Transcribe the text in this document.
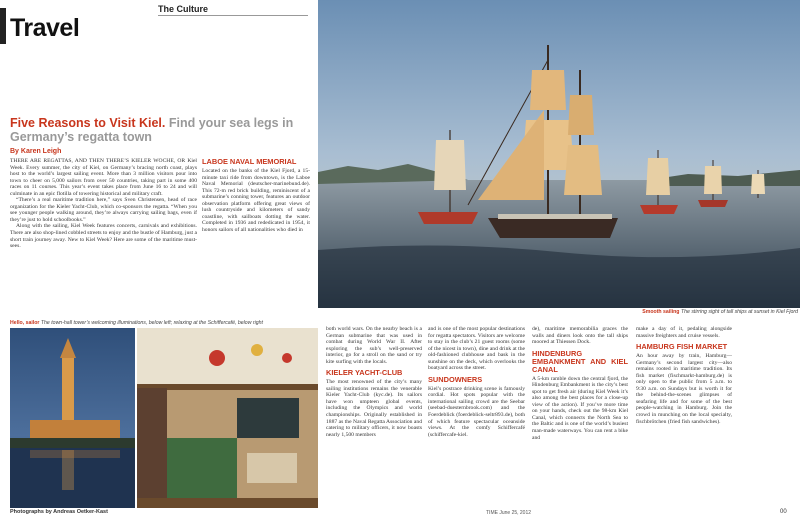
The Culture
Travel
Five Reasons to Visit Kiel. Find your sea legs in Germany’s regatta town
By Karen Leigh

THERE ARE REGATTAS, AND THEN THERE’S KIELER WOCHE, OR Kiel Week. Every summer, the city of Kiel, on Germany’s bracing north coast, plays host to the world’s largest sailing event. More than 3 million visitors pour into town to cheer on 5,000 sailors from over 50 countries, taking part in some 400 races on 11 courses. This year’s event takes place from June 16 to 24 and will culminate in an epic flotilla of towering historical and military craft.

“There’s a real maritime tradition here,” says Sven Christensen, head of race organization for the Kieler Yacht-Club, which co-sponsors the regatta. “When you see younger people walking around, they’re always carrying sailing bags, even if they’re just to hold schoolbooks.”

Along with the sailing, Kiel Week features concerts, carnivals and exhibitions. There are also shop-lined cobbled streets to enjoy and the bustle of Hamburg, just a short train journey away. New to Kiel Week? Here are some of the maritime must-sees.

LABOE NAVAL MEMORIAL

Located on the banks of the Kiel Fjord, a 15-minute taxi ride from downtown, is the Laboe Naval Memorial (deutscher-marinebund.de). This 72-m red brick building, reminiscent of a submarine’s conning tower, features an outdoor observation platform offering great views of lush countryside and kilometers of sandy coastline, with sailboats dotting the water. Completed in 1936 and rededicated in 1954, it honors sailors of all nationalities who died in

Smooth sailing The stirring sight of tall ships at sunset in Kiel Fjord
Hello, sailor The town-hall tower’s welcoming illuminations, below left; relaxing at the Schiffercafé, below right

both world wars. On the nearby beach is a German submarine that was used in combat during World War II. After exploring the sub’s well-preserved interior, go for a stroll on the sand or try kite surfing with the locals.

KIELER YACHT-CLUB

The most renowned of the city’s many sailing institutions remains the venerable Kieler Yacht-Club (kyc.de). Its sailors have won umpteen global events, including the Olympics and world championships. Originally established in 1887 as the Naval Regatta Association and catering to military officers, it now boasts nearly 1,500 members

and is one of the most popular destinations for regatta spectators. Visitors are welcome to stay in the club’s 21 guest rooms (some of the nicest in town), dine and drink at the old-fashioned clubhouse and bask in the sunshine on the deck, which overlooks the boatyard across the street.

SUNDOWNERS

Kiel’s postrace drinking scene is famously cordial. Hot spots popular with the international sailing crowd are the Seebar (seebad-duesternbrook.com) and the Foerdeblick (foerdeblick-seltr893.de), both of which feature spectacular oceanside views. At the comfy Schiffercafé (schiffercafe-kiel.

de), maritime memorabilia graces the walls and diners look onto the tall ships moored at Thiessen Dock.

HINDENBURG EMBANKMENT AND KIEL CANAL

A 5-km ramble down the central fjord, the Hindenburg Embankment is the city’s best spot to get fresh air (during Kiel Week it’s also among the best places for a close-up view of the action). If you’ve more time on your hands, check out the 98-km Kiel Canal, which connects the North Sea to the Baltic and is one of the world’s busiest man-made waterways. You can rent a bike and

make a day of it, pedaling alongside massive freighters and cruise vessels.

HAMBURG FISH MARKET

An hour away by train, Hamburg—Germany’s second largest city—also remains rooted in maritime tradition. Its fish market (fischmarkt-hamburg.de) is only open to the public from 5 a.m. to 9:30 a.m. on Sundays but is worth it for the behind-the-scenes glimpses of seafaring life and for some of the best people-watching in Hamburg. Join the crowd in munching on the local specialty, fischbrötchen (fried fish sandwiches).

Photographs by Andreas Oetker-Kast	TIME June 25, 2012	00
